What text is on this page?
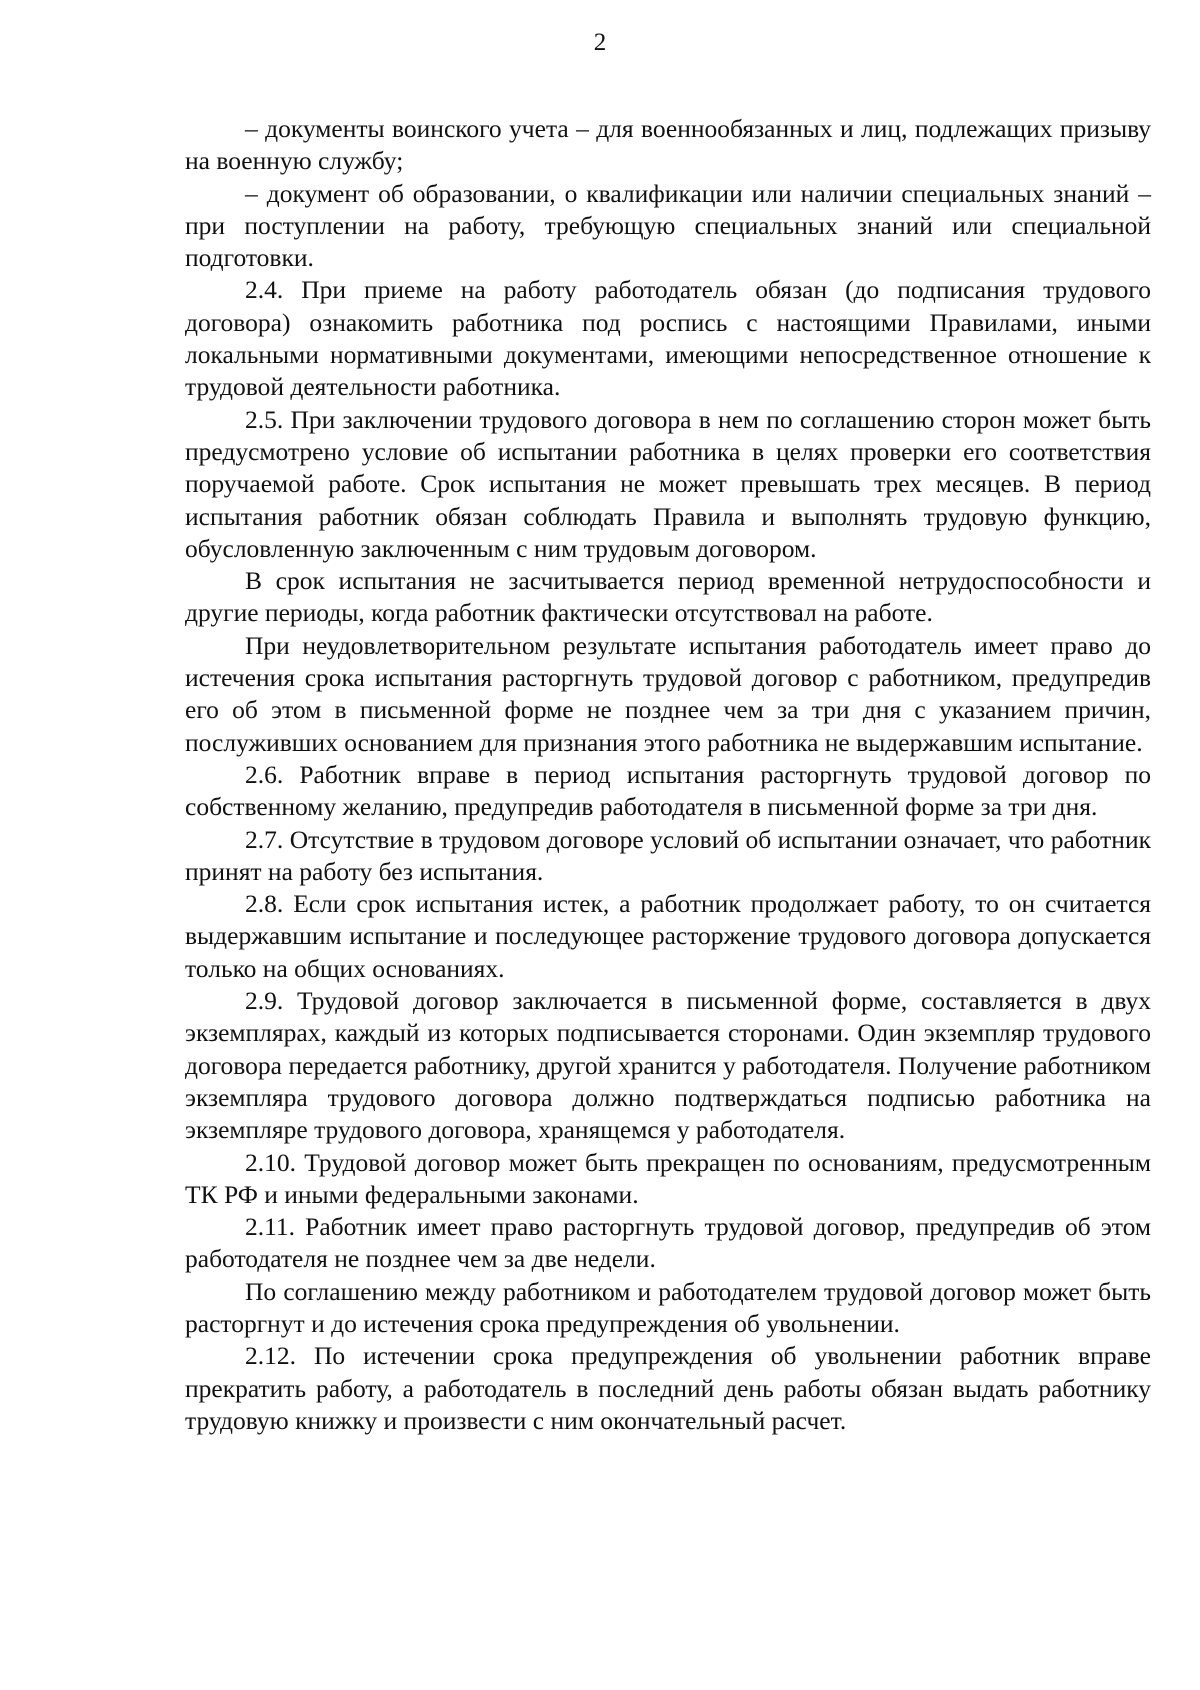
2

– документы воинского учета – для военнообязанных и лиц, подлежащих призыву на военную службу;

– документ об образовании, о квалификации или наличии специальных знаний – при поступлении на работу, требующую специальных знаний или специальной подготовки.

2.4. При приеме на работу работодатель обязан (до подписания трудового договора) ознакомить работника под роспись с настоящими Правилами, иными локальными нормативными документами, имеющими непосредственное отношение к трудовой деятельности работника.

2.5. При заключении трудового договора в нем по соглашению сторон может быть предусмотрено условие об испытании работника в целях проверки его соответствия поручаемой работе. Срок испытания не может превышать трех месяцев. В период испытания работник обязан соблюдать Правила и выполнять трудовую функцию, обусловленную заключенным с ним трудовым договором.

В срок испытания не засчитывается период временной нетрудоспособности и другие периоды, когда работник фактически отсутствовал на работе.

При неудовлетворительном результате испытания работодатель имеет право до истечения срока испытания расторгнуть трудовой договор с работником, предупредив его об этом в письменной форме не позднее чем за три дня с указанием причин, послуживших основанием для признания этого работника не выдержавшим испытание.

2.6. Работник вправе в период испытания расторгнуть трудовой договор по собственному желанию, предупредив работодателя в письменной форме за три дня.

2.7. Отсутствие в трудовом договоре условий об испытании означает, что работник принят на работу без испытания.

2.8. Если срок испытания истек, а работник продолжает работу, то он считается выдержавшим испытание и последующее расторжение трудового договора допускается только на общих основаниях.

2.9. Трудовой договор заключается в письменной форме, составляется в двух экземплярах, каждый из которых подписывается сторонами. Один экземпляр трудового договора передается работнику, другой хранится у работодателя. Получение работником экземпляра трудового договора должно подтверждаться подписью работника на экземпляре трудового договора, хранящемся у работодателя.

2.10. Трудовой договор может быть прекращен по основаниям, предусмотренным ТК РФ и иными федеральными законами.

2.11. Работник имеет право расторгнуть трудовой договор, предупредив об этом работодателя не позднее чем за две недели.

По соглашению между работником и работодателем трудовой договор может быть расторгнут и до истечения срока предупреждения об увольнении.

2.12. По истечении срока предупреждения об увольнении работник вправе прекратить работу, а работодатель в последний день работы обязан выдать работнику трудовую книжку и произвести с ним окончательный расчет.
